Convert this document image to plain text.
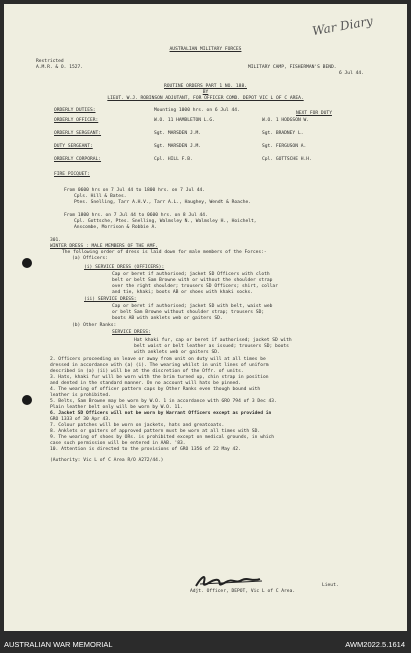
War Diary
AUSTRALIAN MILITARY FORCES
Restricted
A.M.R. & O. 1527.	MILITARY CAMP, FISHERMAN'S BEND.
6 Jul 44.
ROUTINE ORDERS PART 1 NO. 188.
BY
LIEUT. W.J. ROBINSON ADJUTANT, FOR OFFICER COMD. DEPOT VIC L OF C AREA.
ORDERLY DUTIES:	Mounting 1000 hrs. on 6 Jul 44.
NEXT FOR DUTY
ORDERLY OFFICER:	W.O. 11 HAMBLETON L.G.	W.O. 1 HODGSON W.
ORDERLY SERGEANT:	Sgt. MARSDEN J.M.	Sgt. BRADNEY L.
DUTY SERGEANT:	Sgt. MARSDEN J.M.	Sgt. FERGUSON A.
ORDERLY CORPORAL:	Cpl. HILL F.B.	Cpl. GOTTSCHE H.H.
FIRE PICQUET:
From 0600 hrs on 7 Jul 44 to 1800 hrs. on 7 Jul 44.
Cpls. Hill & Bates.
Ptes. Snelling, Tarr A.H.V., Tarr A.L., Haughey, Wendt & Roache.
From 1800 hrs. on 7 Jul 44 to 0600 hrs. on 8 Jul 44.
Cpl. Gottsche, Ptes. Snelling, Walmsley N., Walmsley H., Hoichelt,
Anscombe, Morrison & Robbie A.
301.
WINTER DRESS : MALE MEMBERS OF THE AMF.
The following order of dress is laid down for male members of the Forces:-
(a) Officers:
(i) SERVICE DRESS (OFFICERS):
Cap or beret if authorised; jacket SD Officers with cloth
belt or belt Sam Browne with or without the shoulder strap
over the right shoulder; trousers SD Officers; shirt, collar
and tie, khaki; boots AB or shoes with khaki socks.
(ii) SERVICE DRESS:
Cap or beret if authorised; jacket SD with belt, waist web
or belt Sam Browne without shoulder strap; trousers SD;
boots AB with anklets web or gaiters SD.
(b) Other Ranks:
SERVICE DRESS:
Hat khaki fur, cap or beret if authorised; jacket SD with
belt waist or belt leather as issued; trousers SD; boots
with anklets web or gaiters SD.
2. Officers proceeding on leave or away from unit on duty will at all times be
dressed in accordance with (a) (i). The wearing whilst in unit lines of uniform
described in (a) (ii) will be at the discretion of the Offr. of units.
3. Hats, khaki fur will be worn with the brim turned up, chin strap in position
and dented in the standard manner. On no account will hats be pinned.
4. The wearing of officer pattern caps by Other Ranks even though bound with
leather is prohibited.
5. Belts, Sam Browne may be worn by W.O. 1 in accordance with GRO 794 of 3 Dec 43.
Plain leather belt only will be worn by W.O. 11.
6. Jacket SD Officers will not be worn by Warrant Officers except as provided in
GRO 1333 of 30 Apr 43.
7. Colour patches will be worn on jackets, hats and greatcoats.
8. Anklets or gaiters of approved pattern must be worn at all times with SD.
9. The wearing of shoes by ORs. is prohibited except on medical grounds, in which
case such permission will be entered in AAB. '83.
10. Attention is directed to the provisions of GRO 1356 of 22 May 42.
(Authority: Vic L of C Area R/O A272/44.)
Lieut.
Adjt. Officer, DEPOT, Vic L of C Area.
AUSTRALIAN WAR MEMORIAL	AWM2022.5.1614
